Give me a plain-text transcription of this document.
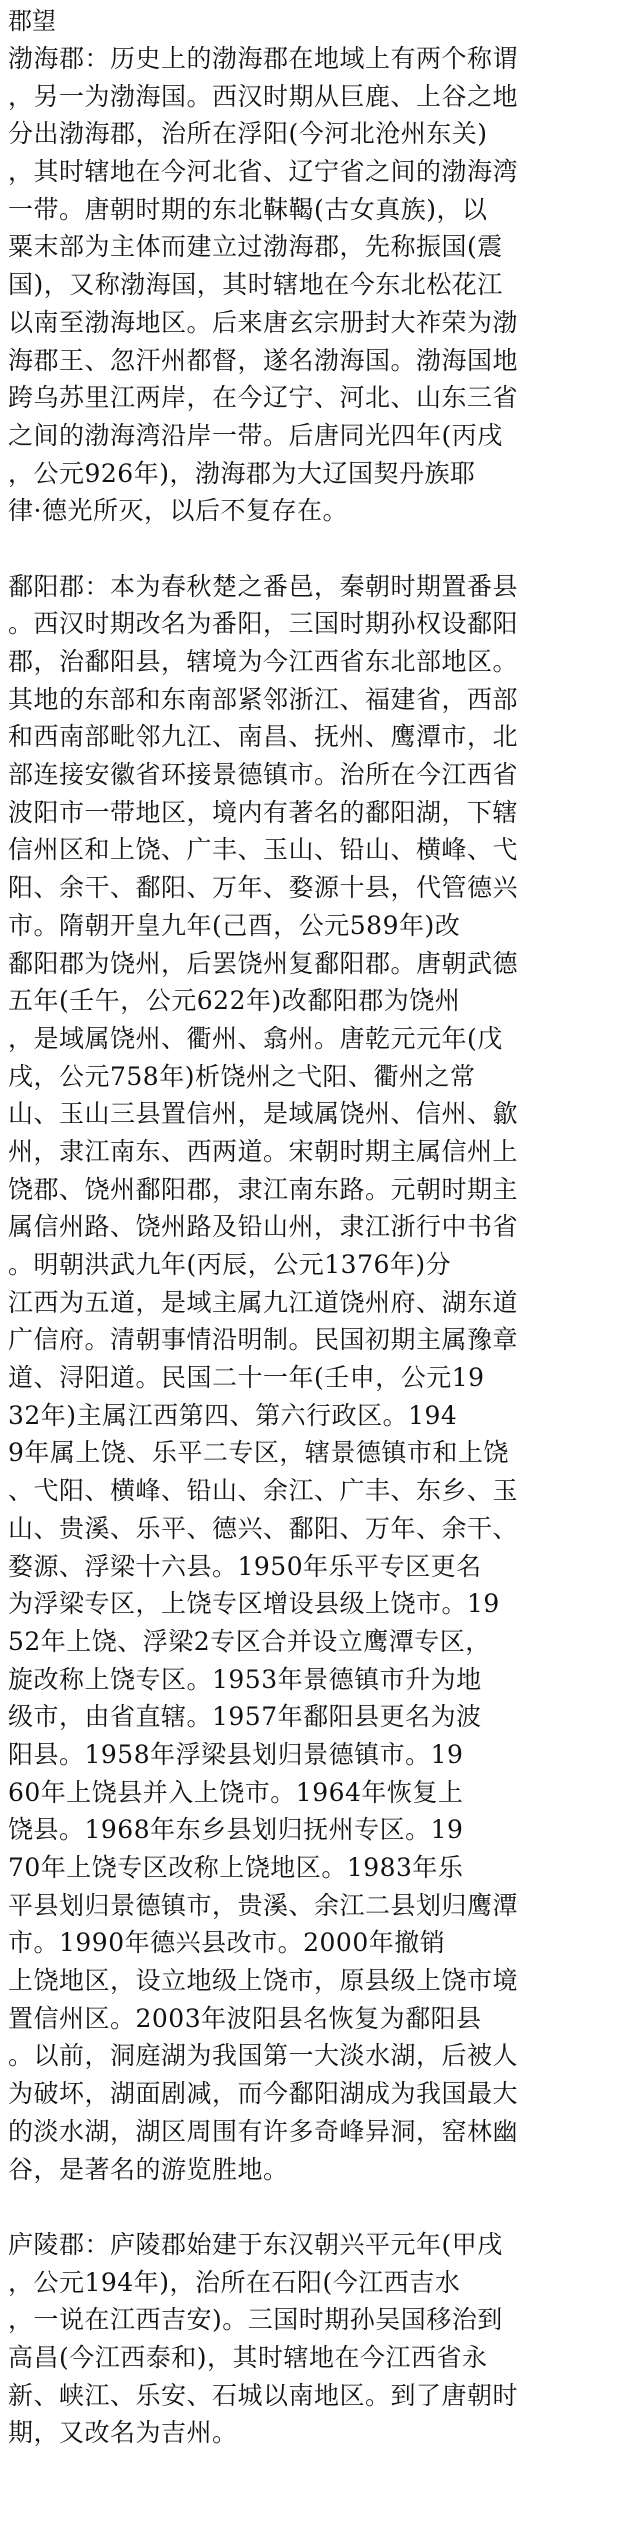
郡望
渤海郡：历史上的渤海郡在地域上有两个称谓
，另一为渤海国。西汉时期从巨鹿、上谷之地
分出渤海郡，治所在浮阳(今河北沧州东关)
，其时辖地在今河北省、辽宁省之间的渤海湾
一带。唐朝时期的东北靺鞨(古女真族)，以
粟末部为主体而建立过渤海郡，先称振国(震
国)，又称渤海国，其时辖地在今东北松花江
以南至渤海地区。后来唐玄宗册封大祚荣为渤
海郡王、忽汗州都督，遂名渤海国。渤海国地
跨乌苏里江两岸，在今辽宁、河北、山东三省
之间的渤海湾沿岸一带。后唐同光四年(丙戌
，公元926年)，渤海郡为大辽国契丹族耶
律·德光所灭，以后不复存在。
鄱阳郡：本为春秋楚之番邑，秦朝时期置番县
。西汉时期改名为番阳，三国时期孙权设鄱阳
郡，治鄱阳县，辖境为今江西省东北部地区。
其地的东部和东南部紧邻浙江、福建省，西部
和西南部毗邻九江、南昌、抚州、鹰潭市，北
部连接安徽省环接景德镇市。治所在今江西省
波阳市一带地区，境内有著名的鄱阳湖，下辖
信州区和上饶、广丰、玉山、铅山、横峰、弋
阳、余干、鄱阳、万年、婺源十县，代管德兴
市。隋朝开皇九年(己酉，公元589年)改
鄱阳郡为饶州，后罢饶州复鄱阳郡。唐朝武德
五年(壬午，公元622年)改鄱阳郡为饶州
，是域属饶州、衢州、翕州。唐乾元元年(戊
戌，公元758年)析饶州之弋阳、衢州之常
山、玉山三县置信州，是域属饶州、信州、歙
州，隶江南东、西两道。宋朝时期主属信州上
饶郡、饶州鄱阳郡，隶江南东路。元朝时期主
属信州路、饶州路及铅山州，隶江浙行中书省
。明朝洪武九年(丙辰，公元1376年)分
江西为五道，是域主属九江道饶州府、湖东道
广信府。清朝事情沿明制。民国初期主属豫章
道、浔阳道。民国二十一年(壬申，公元19
32年)主属江西第四、第六行政区。194
9年属上饶、乐平二专区，辖景德镇市和上饶
、弋阳、横峰、铅山、余江、广丰、东乡、玉
山、贵溪、乐平、德兴、鄱阳、万年、余干、
婺源、浮梁十六县。1950年乐平专区更名
为浮梁专区，上饶专区增设县级上饶市。19
52年上饶、浮梁2专区合并设立鹰潭专区，
旋改称上饶专区。1953年景德镇市升为地
级市，由省直辖。1957年鄱阳县更名为波
阳县。1958年浮梁县划归景德镇市。19
60年上饶县并入上饶市。1964年恢复上
饶县。1968年东乡县划归抚州专区。19
70年上饶专区改称上饶地区。1983年乐
平县划归景德镇市，贵溪、余江二县划归鹰潭
市。1990年德兴县改市。2000年撤销
上饶地区，设立地级上饶市，原县级上饶市境
置信州区。2003年波阳县名恢复为鄱阳县
。以前，洞庭湖为我国第一大淡水湖，后被人
为破坏，湖面剧减，而今鄱阳湖成为我国最大
的淡水湖，湖区周围有许多奇峰异洞，窑林幽
谷，是著名的游览胜地。
庐陵郡：庐陵郡始建于东汉朝兴平元年(甲戌
，公元194年)，治所在石阳(今江西吉水
，一说在江西吉安)。三国时期孙吴国移治到
高昌(今江西泰和)，其时辖地在今江西省永
新、峡江、乐安、石城以南地区。到了唐朝时
期，又改名为吉州。
